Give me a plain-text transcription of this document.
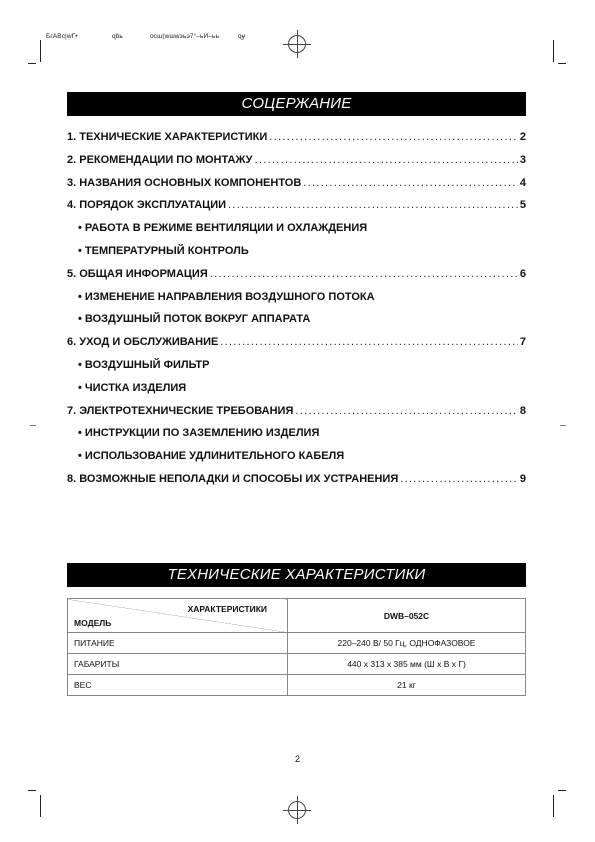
БгАВс|wГ•	ɋɓь	осш(wшwэьэ7°–ьИ–ьь	ɋɏ
СОЦЕРЖАНИЕ
1. ТЕХНИЧЕСКИЕ ХАРАКТЕРИСТИКИ .....	2
2. РЕКОМЕНДАЦИИ ПО МОНТАЖУ .....	3
3. НАЗВАНИЯ ОСНОВНЫХ КОМПОНЕНТОВ .....	4
4. ПОРЯДОК ЭКСПЛУАТАЦИИ .....	5
• РАБОТА В РЕЖИМЕ ВЕНТИЛЯЦИИ И ОХЛАЖДЕНИЯ
• ТЕМПЕРАТУРНЫЙ КОНТРОЛЬ
5. ОБЩАЯ ИНФОРМАЦИЯ .....	6
• ИЗМЕНЕНИЕ НАПРАВЛЕНИЯ ВОЗДУШНОГО ПОТОКА
• ВОЗДУШНЫЙ ПОТОК ВОКРУГ АППАРАТА
6. УХОД И ОБСЛУЖИВАНИЕ .....	7
• ВОЗДУШНЫЙ ФИЛЬТР
• ЧИСТКА ИЗДЕЛИЯ
7. ЭЛЕКТРОТЕХНИЧЕСКИЕ ТРЕБОВАНИЯ .....	8
• ИНСТРУКЦИИ ПО ЗАЗЕМЛЕНИЮ ИЗДЕЛИЯ
• ИСПОЛЬЗОВАНИЕ УДЛИНИТЕЛЬНОГО КАБЕЛЯ
8. ВОЗМОЖНЫЕ НЕПОЛАДКИ И СПОСОБЫ ИХ УСТРАНЕНИЯ .....	9
ТЕХНИЧЕСКИЕ ХАРАКТЕРИСТИКИ
ХАРАКТЕРИСТИКИ
МОДЕЛЬ	DWB–052C
ПИТАНИЕ	220–240 В/ 50 Гц, ОДНОФАЗОВОЕ
ГАБАРИТЫ	440 x 313 x 385 мм (Ш x В x Г)
ВЕС	21 кг
2
